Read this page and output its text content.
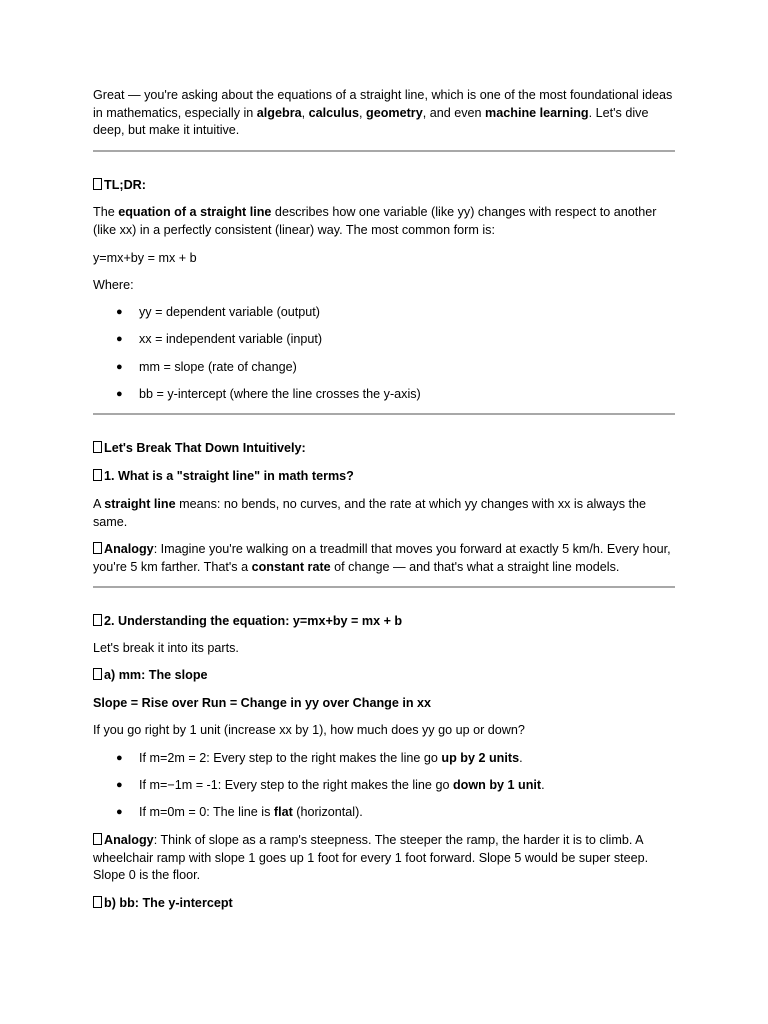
Great — you're asking about the equations of a straight line, which is one of the most foundational ideas in mathematics, especially in algebra, calculus, geometry, and even machine learning. Let's dive deep, but make it intuitive.

TL;DR:

The equation of a straight line describes how one variable (like yy) changes with respect to another (like xx) in a perfectly consistent (linear) way. The most common form is:

y=mx+by = mx + b

Where:

● yy = dependent variable (output)
● xx = independent variable (input)
● mm = slope (rate of change)
● bb = y-intercept (where the line crosses the y-axis)

Let's Break That Down Intuitively:

1. What is a "straight line" in math terms?

A straight line means: no bends, no curves, and the rate at which yy changes with xx is always the same.

Analogy: Imagine you're walking on a treadmill that moves you forward at exactly 5 km/h. Every hour, you're 5 km farther. That's a constant rate of change — and that's what a straight line models.

2. Understanding the equation: y=mx+by = mx + b

Let's break it into its parts.

a) mm: The slope

Slope = Rise over Run = Change in yy over Change in xx

If you go right by 1 unit (increase xx by 1), how much does yy go up or down?

● If m=2m = 2: Every step to the right makes the line go up by 2 units.
● If m=−1m = -1: Every step to the right makes the line go down by 1 unit.
● If m=0m = 0: The line is flat (horizontal).

Analogy: Think of slope as a ramp's steepness. The steeper the ramp, the harder it is to climb. A wheelchair ramp with slope 1 goes up 1 foot for every 1 foot forward. Slope 5 would be super steep. Slope 0 is the floor.

b) bb: The y-intercept
